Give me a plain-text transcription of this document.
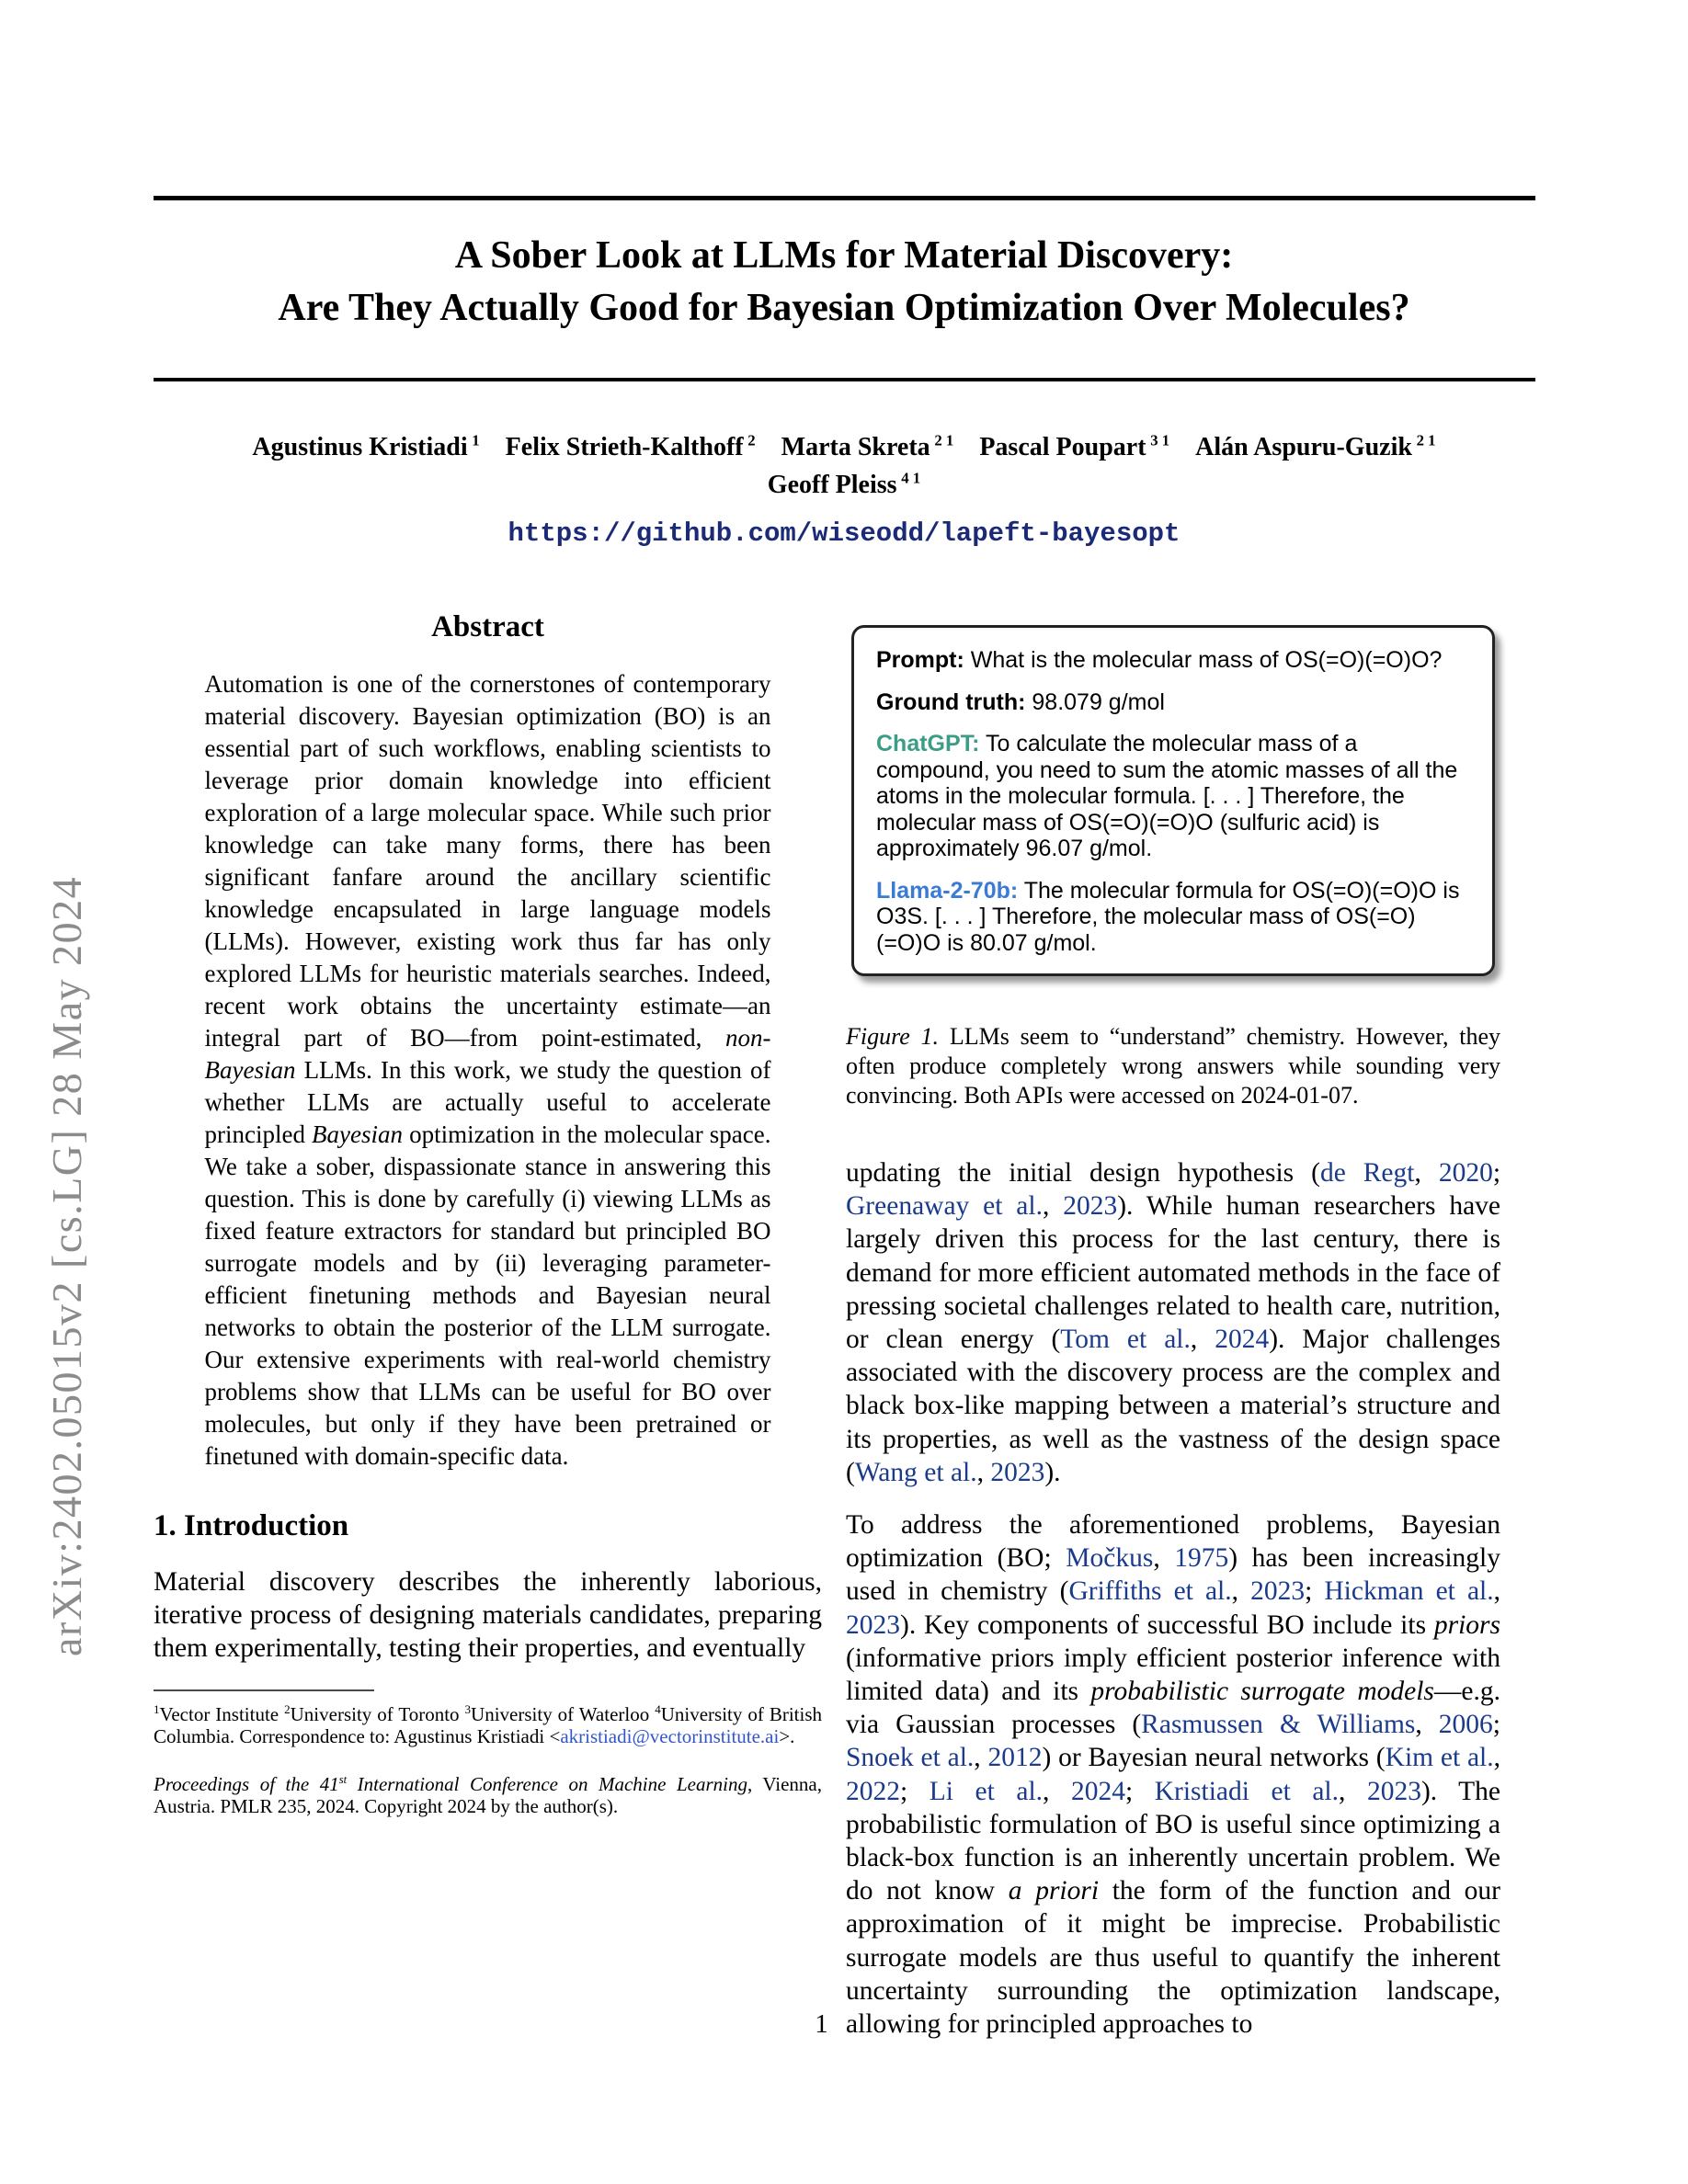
arXiv:2402.05015v2 [cs.LG] 28 May 2024
A Sober Look at LLMs for Material Discovery:
Are They Actually Good for Bayesian Optimization Over Molecules?
Agustinus Kristiadi $^1$ Felix Strieth-Kalthoff $^2$ Marta Skreta $^{2 1}$ Pascal Poupart $^{3 1}$ Alán Aspuru-Guzik $^{2 1}$
Geoff Pleiss $^{4 1}$
https://github.com/wiseodd/lapeft-bayesopt
Abstract

Automation is one of the cornerstones of contemporary material discovery. Bayesian optimization (BO) is an essential part of such workflows, enabling scientists to leverage prior domain knowledge into efficient exploration of a large molecular space. While such prior knowledge can take many forms, there has been significant fanfare around the ancillary scientific knowledge encapsulated in large language models (LLMs). However, existing work thus far has only explored LLMs for heuristic materials searches. Indeed, recent work obtains the uncertainty estimate—an integral part of BO—from point-estimated, non-Bayesian LLMs. In this work, we study the question of whether LLMs are actually useful to accelerate principled Bayesian optimization in the molecular space. We take a sober, dispassionate stance in answering this question. This is done by carefully (i) viewing LLMs as fixed feature extractors for standard but principled BO surrogate models and by (ii) leveraging parameter-efficient finetuning methods and Bayesian neural networks to obtain the posterior of the LLM surrogate. Our extensive experiments with real-world chemistry problems show that LLMs can be useful for BO over molecules, but only if they have been pretrained or finetuned with domain-specific data.

1. Introduction

Material discovery describes the inherently laborious, iterative process of designing materials candidates, preparing them experimentally, testing their properties, and eventually

$^1$Vector Institute $^2$University of Toronto $^3$University of Waterloo $^4$University of British Columbia. Correspondence to: Agustinus Kristiadi <akristiadi@vectorinstitute.ai>.

Proceedings of the 41st International Conference on Machine Learning, Vienna, Austria. PMLR 235, 2024. Copyright 2024 by the author(s).

Prompt: What is the molecular mass of OS(=O)(=O)O?

Ground truth: 98.079 g/mol

ChatGPT: To calculate the molecular mass of a compound, you need to sum the atomic masses of all the atoms in the molecular formula. [. . . ] Therefore, the molecular mass of OS(=O)(=O)O (sulfuric acid) is approximately 96.07 g/mol.

Llama-2-70b: The molecular formula for OS(=O)(=O)O is O3S. [. . . ] Therefore, the molecular mass of OS(=O)(=O)O is 80.07 g/mol.

Figure 1. LLMs seem to “understand” chemistry. However, they often produce completely wrong answers while sounding very convincing. Both APIs were accessed on 2024-01-07.

updating the initial design hypothesis (de Regt, 2020; Greenaway et al., 2023). While human researchers have largely driven this process for the last century, there is demand for more efficient automated methods in the face of pressing societal challenges related to health care, nutrition, or clean energy (Tom et al., 2024). Major challenges associated with the discovery process are the complex and black box-like mapping between a material’s structure and its properties, as well as the vastness of the design space (Wang et al., 2023).

To address the aforementioned problems, Bayesian optimization (BO; Močkus, 1975) has been increasingly used in chemistry (Griffiths et al., 2023; Hickman et al., 2023). Key components of successful BO include its priors (informative priors imply efficient posterior inference with limited data) and its probabilistic surrogate models—e.g. via Gaussian processes (Rasmussen & Williams, 2006; Snoek et al., 2012) or Bayesian neural networks (Kim et al., 2022; Li et al., 2024; Kristiadi et al., 2023). The probabilistic formulation of BO is useful since optimizing a black-box function is an inherently uncertain problem. We do not know a priori the form of the function and our approximation of it might be imprecise. Probabilistic surrogate models are thus useful to quantify the inherent uncertainty surrounding the optimization landscape, allowing for principled approaches to

1
